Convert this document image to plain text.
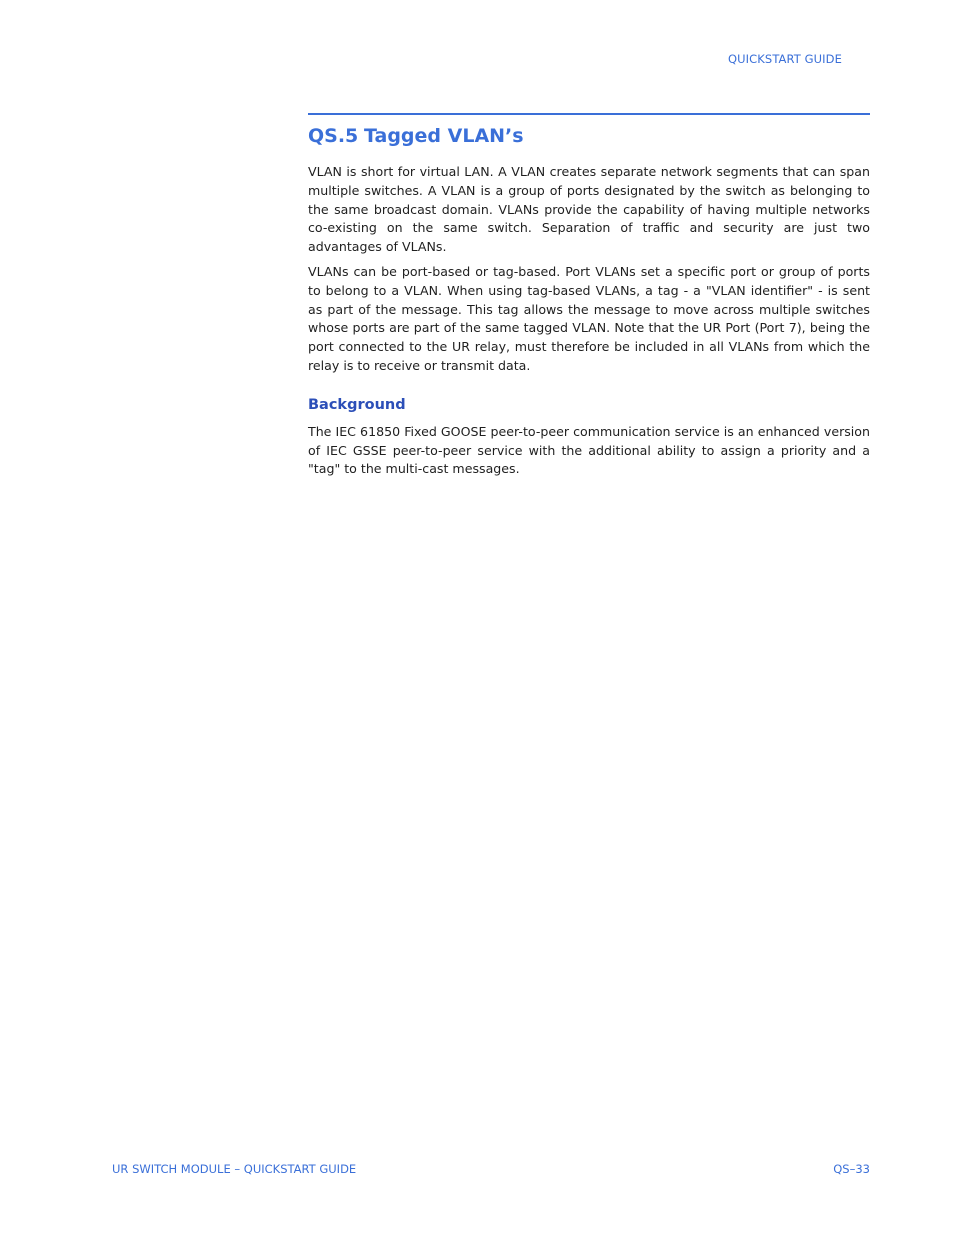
QUICKSTART GUIDE
QS.5 Tagged VLAN’s

VLAN is short for virtual LAN. A VLAN creates separate network segments that can span multiple switches. A VLAN is a group of ports designated by the switch as belonging to the same broadcast domain. VLANs provide the capability of having multiple networks co-existing on the same switch. Separation of traffic and security are just two advantages of VLANs.

VLANs can be port-based or tag-based. Port VLANs set a specific port or group of ports to belong to a VLAN. When using tag-based VLANs, a tag - a "VLAN identifier" - is sent as part of the message. This tag allows the message to move across multiple switches whose ports are part of the same tagged VLAN. Note that the UR Port (Port 7), being the port connected to the UR relay, must therefore be included in all VLANs from which the relay is to receive or transmit data.

Background

The IEC 61850 Fixed GOOSE peer-to-peer communication service is an enhanced version of IEC GSSE peer-to-peer service with the additional ability to assign a priority and a "tag" to the multi-cast messages.

UR SWITCH MODULE – QUICKSTART GUIDE	QS–33
